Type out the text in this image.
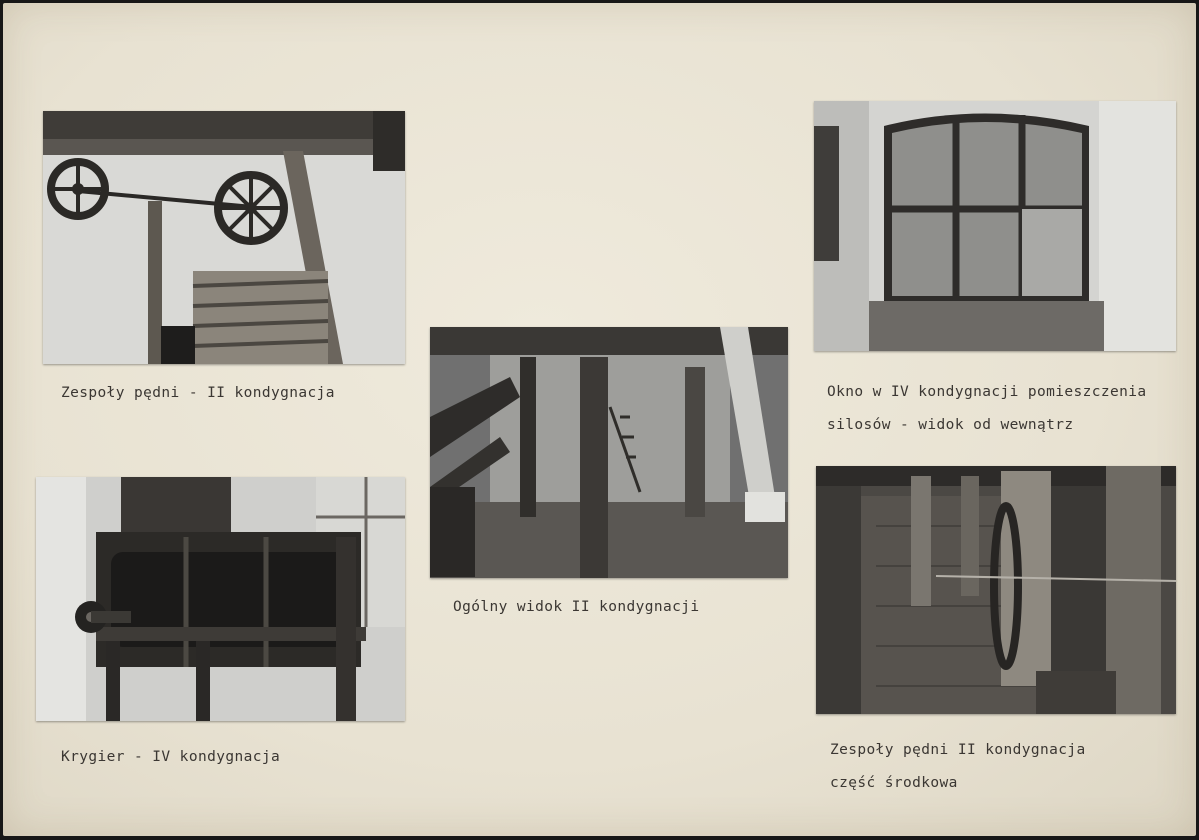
Zespoły pędni - II kondygnacja

Krygier - IV kondygnacja

Ogólny widok II kondygnacji

Okno w IV kondygnacji pomieszczenia
silosów - widok od wewnątrz

Zespoły pędni II kondygnacja
część środkowa
